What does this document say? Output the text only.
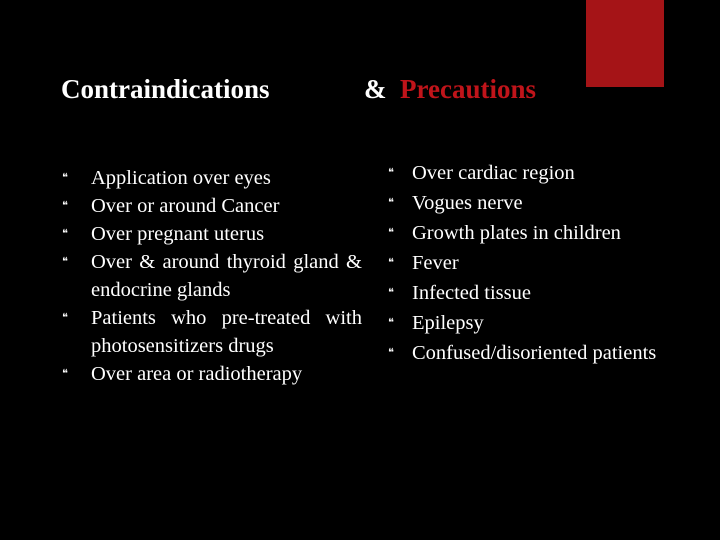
Contraindications	& Precautions
❝ Application over eyes
❝ Over or around Cancer
❝ Over pregnant uterus
❝ Over & around thyroid gland & endocrine glands
❝ Patients who pre-treated with photosensitizers drugs
❝ Over area or radiotherapy
❝ Over cardiac region
❝ Vogues nerve
❝ Growth plates in children
❝ Fever
❝ Infected tissue
❝ Epilepsy
❝ Confused/disoriented patients
